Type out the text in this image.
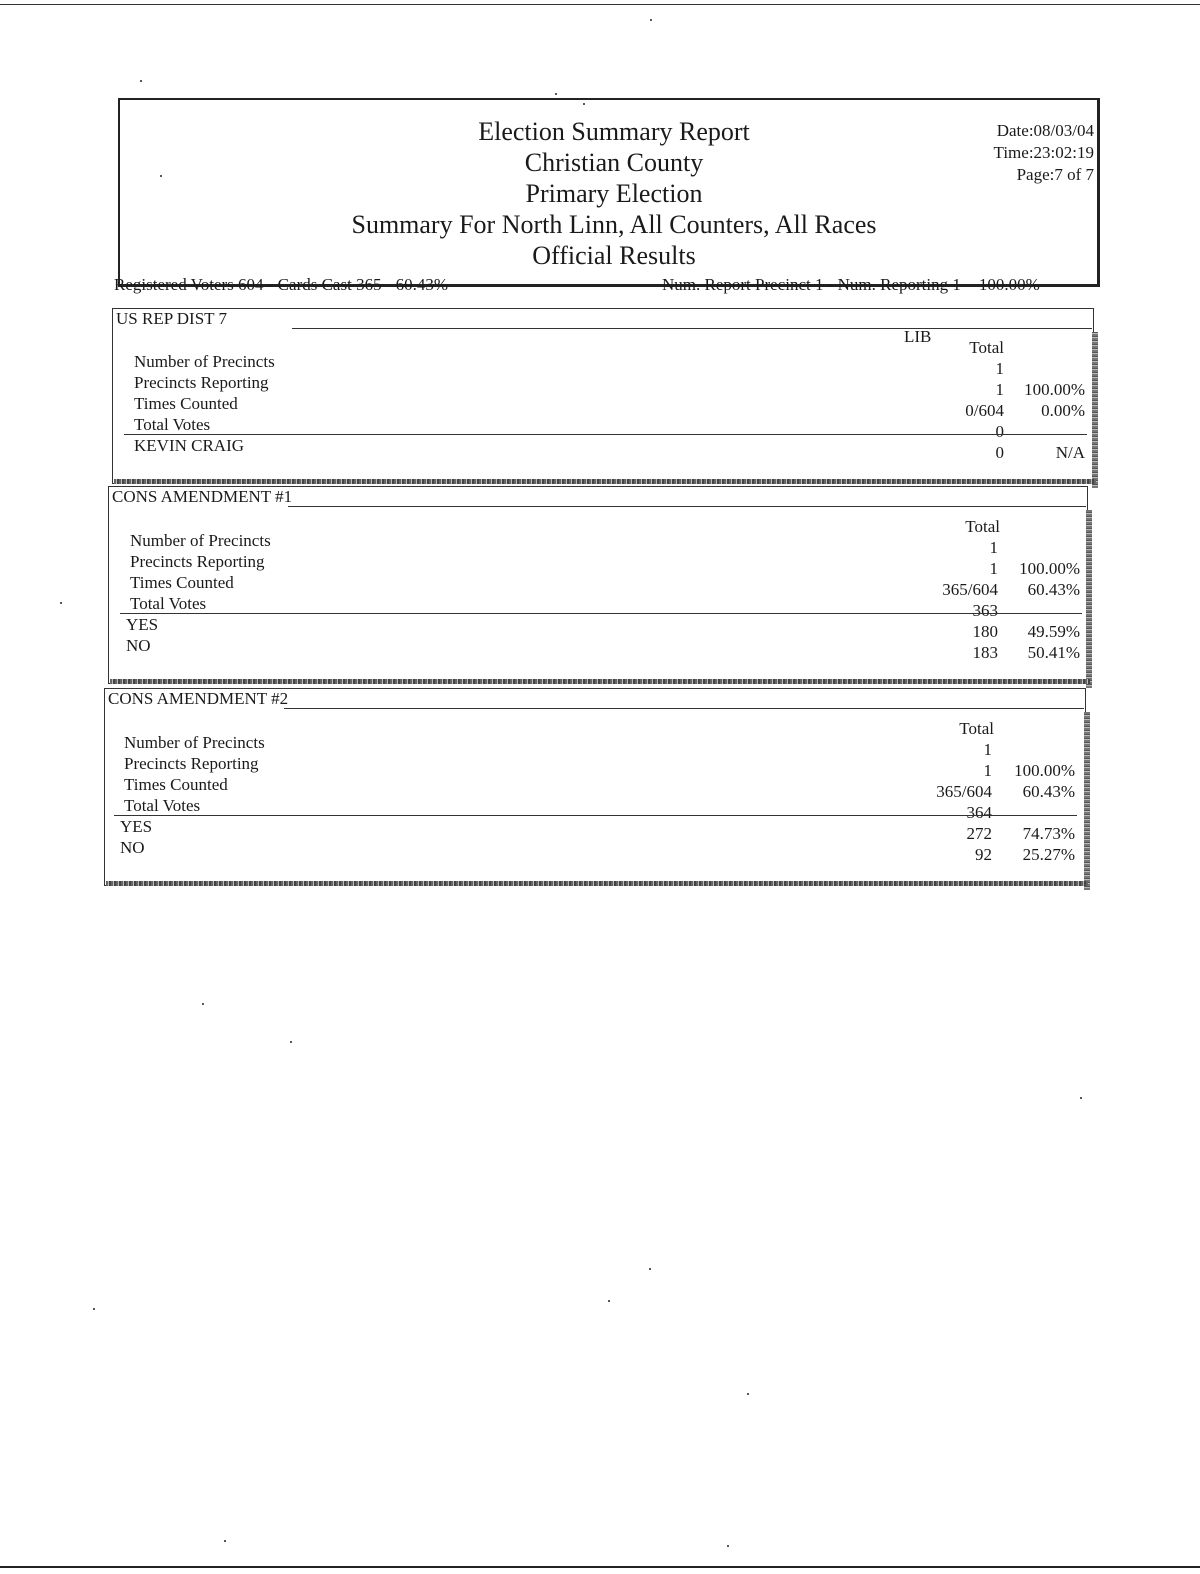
Election Summary Report
Christian County
Primary Election
Summary For North Linn, All Counters, All Races
Official Results
Date:08/03/04
Time:23:02:19
Page:7 of 7
Registered Voters 604 - Cards Cast 365 60.43%	Num. Report Precinct 1 - Num. Reporting 1 100.00%
US REP DIST 7
LIB
Total
Number of Precincts	1
Precincts Reporting	1	100.00%
Times Counted	0/604	0.00%
Total Votes	0
KEVIN CRAIG	0	N/A
CONS AMENDMENT #1
Total
Number of Precincts	1
Precincts Reporting	1	100.00%
Times Counted	365/604	60.43%
Total Votes	363
YES	180	49.59%
NO	183	50.41%
CONS AMENDMENT #2
Total
Number of Precincts	1
Precincts Reporting	1	100.00%
Times Counted	365/604	60.43%
Total Votes	364
YES	272	74.73%
NO	92	25.27%
